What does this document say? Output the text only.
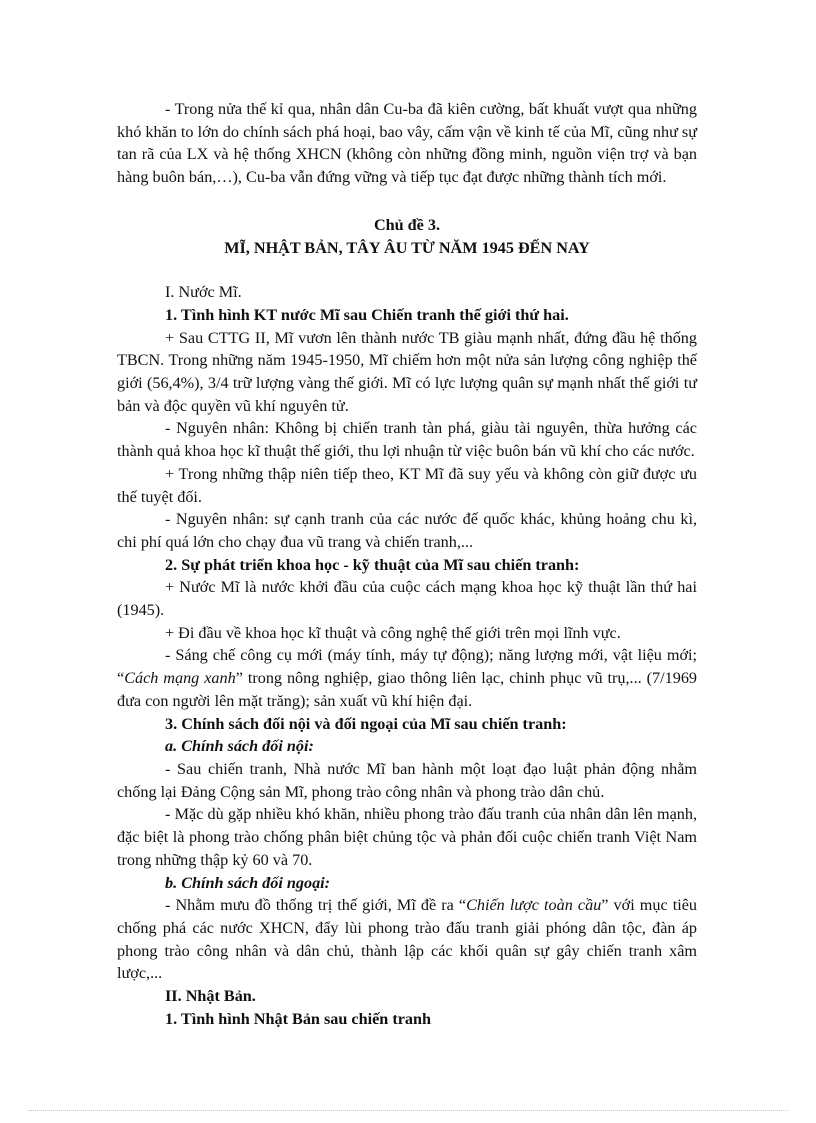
- Trong nửa thế kỉ qua, nhân dân Cu-ba đã kiên cường, bất khuất vượt qua những khó khăn to lớn do chính sách phá hoại, bao vây, cấm vận về kinh tế của Mĩ, cũng như sự tan rã của LX và hệ thống XHCN (không còn những đồng minh, nguồn viện trợ và bạn hàng buôn bán,…), Cu-ba vẫn đứng vững và tiếp tục đạt được những thành tích mới.

Chủ đề 3.

MĨ, NHẬT BẢN, TÂY ÂU TỪ NĂM 1945 ĐẾN NAY

I. Nước Mĩ.

1. Tình hình KT nước Mĩ sau Chiến tranh thế giới thứ hai.

+ Sau CTTG II, Mĩ vươn lên thành nước TB giàu mạnh nhất, đứng đầu hệ thống TBCN. Trong những năm 1945-1950, Mĩ chiếm hơn một nửa sản lượng công nghiệp thế giới (56,4%), 3/4 trữ lượng vàng thế giới. Mĩ có lực lượng quân sự mạnh nhất thế giới tư bản và độc quyền vũ khí nguyên tử.

- Nguyên nhân: Không bị chiến tranh tàn phá, giàu tài nguyên, thừa hưởng các thành quả khoa học kĩ thuật thế giới, thu lợi nhuận từ việc buôn bán vũ khí cho các nước.

+ Trong những thập niên tiếp theo, KT Mĩ đã suy yếu và không còn giữ được ưu thế tuyệt đối.

- Nguyên nhân: sự cạnh tranh của các nước đế quốc khác, khủng hoảng chu kì, chi phí quá lớn cho chạy đua vũ trang và chiến tranh,...

2. Sự phát triển khoa học - kỹ thuật của Mĩ sau chiến tranh:

+ Nước Mĩ là nước khởi đầu của cuộc cách mạng khoa học kỹ thuật lần thứ hai (1945).

+ Đi đầu về khoa học kĩ thuật và công nghệ thế giới trên mọi lĩnh vực.

- Sáng chế công cụ mới (máy tính, máy tự động); năng lượng mới, vật liệu mới; “Cách mạng xanh” trong nông nghiệp, giao thông liên lạc, chinh phục vũ trụ,... (7/1969 đưa con người lên mặt trăng); sản xuất vũ khí hiện đại.

3. Chính sách đối nội và đối ngoại của Mĩ sau chiến tranh:

a. Chính sách đối nội:

- Sau chiến tranh, Nhà nước Mĩ ban hành một loạt đạo luật phản động nhằm chống lại Đảng Cộng sản Mĩ, phong trào công nhân và phong trào dân chủ.

- Mặc dù gặp nhiều khó khăn, nhiều phong trào đấu tranh của nhân dân lên mạnh, đặc biệt là phong trào chống phân biệt chủng tộc và phản đối cuộc chiến tranh Việt Nam trong những thập kỷ 60 và 70.

b. Chính sách đối ngoại:

- Nhằm mưu đồ thống trị thế giới, Mĩ đề ra “Chiến lược toàn cầu” với mục tiêu chống phá các nước XHCN, đẩy lùi phong trào đấu tranh giải phóng dân tộc, đàn áp phong trào công nhân và dân chủ, thành lập các khối quân sự gây chiến tranh xâm lược,...

II. Nhật Bản.

1. Tình hình Nhật Bản sau chiến tranh
